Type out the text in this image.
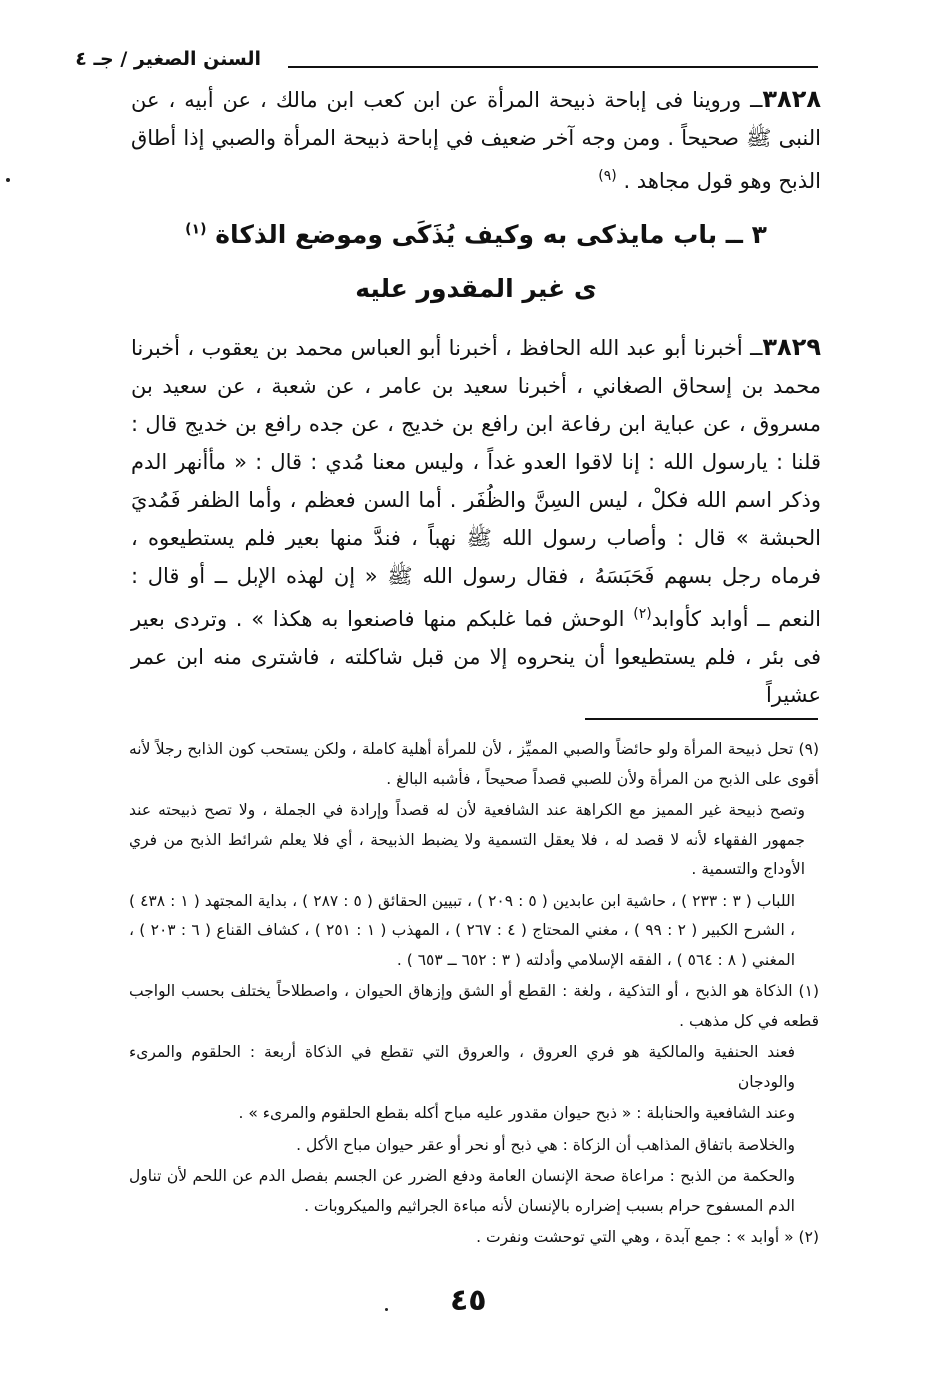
السنن الصغير / جـ ٤
٣٨٢٨ــ وروينا فى إباحة ذبيحة المرأة عن ابن كعب ابن مالك ، عن أبيه ، عن النبى ﷺ صحيحاً . ومن وجه آخر ضعيف في إباحة ذبيحة المرأة والصبي إذا أطاق الذبح وهو قول مجاهد . $^{(٩)}$
٣ ــ باب مايذكى به وكيف يُذَكَى وموضع الذكاة $^{(١)}$
ى غير المقدور عليه
٣٨٢٩ــ أخبرنا أبو عبد الله الحافظ ، أخبرنا أبو العباس محمد بن يعقوب ، أخبرنا محمد بن إسحاق الصغاني ، أخبرنا سعيد بن عامر ، عن شعبة ، عن سعيد بن مسروق ، عن عباية ابن رفاعة ابن رافع بن خديج ، عن جده رافع بن خديج قال : قلنا : يارسول الله : إنا لاقوا العدو غداً ، وليس معنا مُدي : قال : « مأأنهر الدم وذكر اسم الله فكلْ ، ليس السِنَّ والظُفَر . أما السن فعظم ، وأما الظفر فَمُديَ الحبشة » قال : وأصاب رسول الله ﷺ نهباً ، فندَّ منها بعير فلم يستطيعوه ، فرماه رجل بسهم فَحَبَسَهُ ، فقال رسول الله ﷺ « إن لهذه الإبل ــ أو قال : النعم ــ أوابد كأوابد$^{(٢)}$ الوحش فما غلبكم منها فاصنعوا به هكذا » . وتردى بعير فى بئر ، فلم يستطيعوا أن ينحروه إلا من قبل شاكلته ، فاشترى منه ابن عمر عشيراً

(٩) تحل ذبيحة المرأة ولو حائضاً والصبي المميِّز ، لأن للمرأة أهلية كاملة ، ولكن يستحب كون الذابح رجلاً لأنه أقوى على الذبح من المرأة ولأن للصبي قصداً صحيحاً ، فأشبه البالغ .

وتصح ذبيحة غير المميز مع الكراهة عند الشافعية لأن له قصداً وإرادة في الجملة ، ولا تصح ذبيحته عند جمهور الفقهاء لأنه لا قصد له ، فلا يعقل التسمية ولا يضبط الذبيحة ، أي فلا يعلم شرائط الذبح من فري الأوداج والتسمية .

اللباب ( ٣ : ٢٣٣ ) ، حاشية ابن عابدين ( ٥ : ٢٠٩ ) ، تبيين الحقائق ( ٥ : ٢٨٧ ) ، بداية المجتهد ( ١ : ٤٣٨ ) ، الشرح الكبير ( ٢ : ٩٩ ) ، مغني المحتاج ( ٤ : ٢٦٧ ) ، المهذب ( ١ : ٢٥١ ) ، كشاف القناع ( ٦ : ٢٠٣ ) ، المغني ( ٨ : ٥٦٤ ) ، الفقه الإسلامي وأدلته ( ٣ : ٦٥٢ ــ ٦٥٣ ) .

(١) الذكاة هو الذبح ، أو التذكية ، ولغة : القطع أو الشق وإزهاق الحيوان ، واصطلاحاً يختلف بحسب الواجب قطعه في كل مذهب .

فعند الحنفية والمالكية هو فري العروق ، والعروق التي تقطع في الذكاة أربعة : الحلقوم والمرىء والودجان

وعند الشافعية والحنابلة : « ذبح حيوان مقدور عليه مباح أكله بقطع الحلقوم والمرىء » .

والخلاصة باتفاق المذاهب أن الزكاة : هي ذبح أو نحر أو عقر حيوان مباح الأكل .

والحكمة من الذبح : مراعاة صحة الإنسان العامة ودفع الضرر عن الجسم بفصل الدم عن اللحم لأن تناول الدم المسفوح حرام بسبب إضراره بالإنسان لأنه مباءة الجراثيم والميكروبات .

(٢) « أوابد » : جمع آبدة ، وهي التي توحشت ونفرت .

٤٥
